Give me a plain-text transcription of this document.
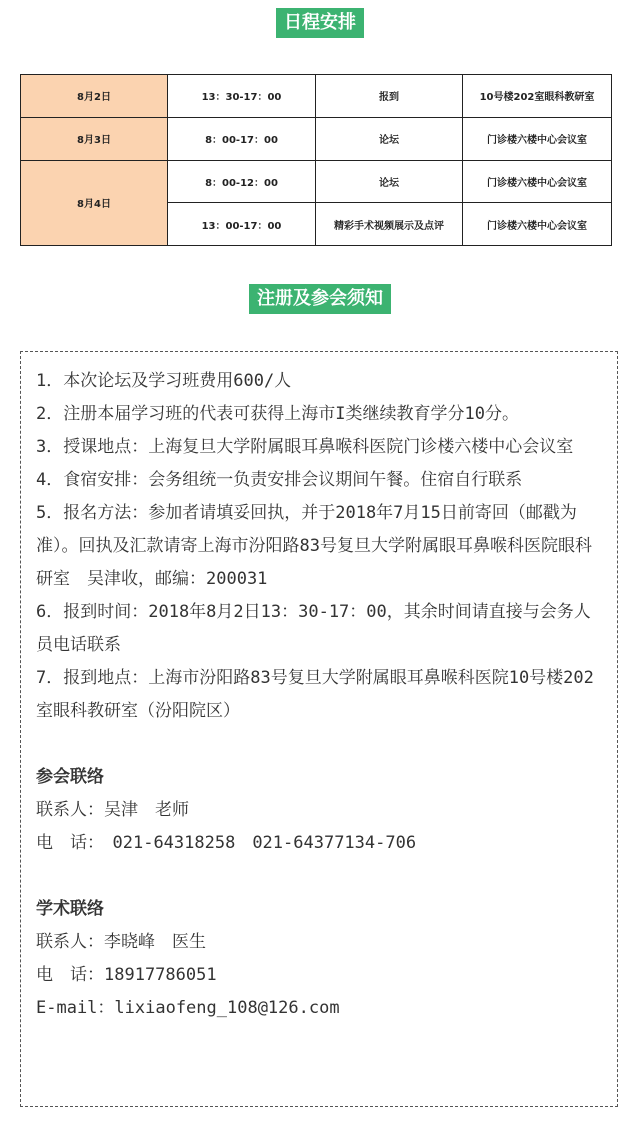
日程安排
8月2日	13：30-17：00	报到	10号楼202室眼科教研室
8月3日	8：00-17：00	论坛	门诊楼六楼中心会议室
8月4日	8：00-12：00	论坛	门诊楼六楼中心会议室
	13：00-17：00	精彩手术视频展示及点评	门诊楼六楼中心会议室
注册及参会须知

1．本次论坛及学习班费用600/人

2．注册本届学习班的代表可获得上海市I类继续教育学分10分。

3．授课地点：上海复旦大学附属眼耳鼻喉科医院门诊楼六楼中心会议室

4．食宿安排：会务组统一负责安排会议期间午餐。住宿自行联系

5．报名方法：参加者请填妥回执，并于2018年7月15日前寄回（邮戳为准）。回执及汇款请寄上海市汾阳路83号复旦大学附属眼耳鼻喉科医院眼科研室　吴津收，邮编：200031

6．报到时间：2018年8月2日13：30-17：00，其余时间请直接与会务人员电话联系

7．报到地点：上海市汾阳路83号复旦大学附属眼耳鼻喉科医院10号楼202室眼科教研室（汾阳院区）

参会联络

联系人：吴津　老师

电　话：　021-64318258　021-64377134-706

学术联络

联系人：李晓峰　医生

电　话：18917786051

E-mail：lixiaofeng_108@126.com
